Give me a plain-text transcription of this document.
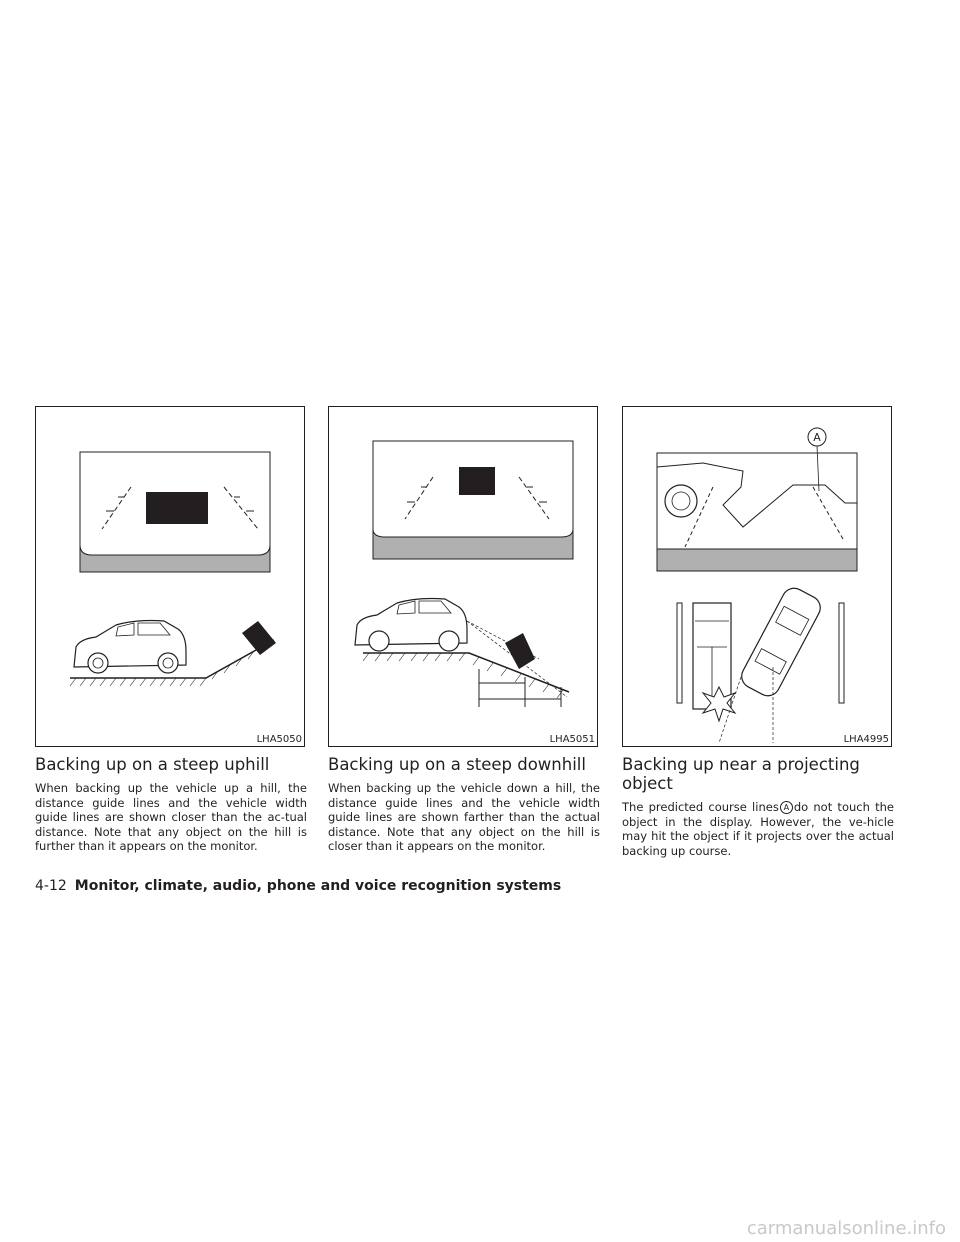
LHA5050
Backing up on a steep uphill

When backing up the vehicle up a hill, the distance guide lines and the vehicle width guide lines are shown closer than the ac-tual distance. Note that any object on the hill is further than it appears on the monitor.

LHA5051
Backing up on a steep downhill

When backing up the vehicle down a hill, the distance guide lines and the vehicle width guide lines are shown farther than the actual distance. Note that any object on the hill is closer than it appears on the monitor.

A
LHA4995
Backing up near a projecting object

The predicted course lines A do not touch the object in the display. However, the ve-hicle may hit the object if it projects over the actual backing up course.

4-12 Monitor, climate, audio, phone and voice recognition systems
carmanualsonline.info
